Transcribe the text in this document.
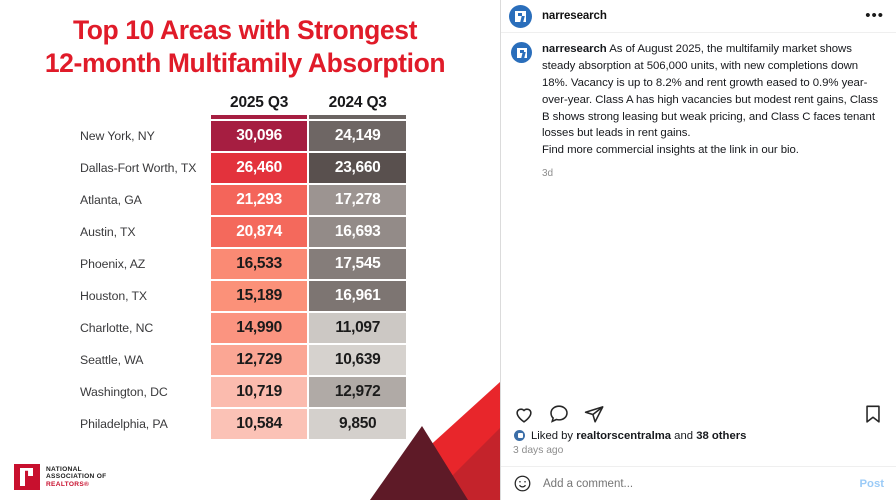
Top 10 Areas with Strongest
12-month Multifamily Absorption
	2025 Q3	2024 Q3
New York, NY	30,096	24,149
Dallas-Fort Worth, TX	26,460	23,660
Atlanta, GA	21,293	17,278
Austin, TX	20,874	16,693
Phoenix, AZ	16,533	17,545
Houston, TX	15,189	16,961
Charlotte, NC	14,990	11,097
Seattle, WA	12,729	10,639
Washington, DC	10,719	12,972
Philadelphia, PA	10,584	9,850
NATIONAL
ASSOCIATION OF
REALTORS®
narresearch	•••
narresearch As of August 2025, the multifamily market shows steady absorption at 506,000 units, with new completions down 18%. Vacancy is up to 8.2% and rent growth eased to 0.9% year-over-year. Class A has high vacancies but modest rent gains, Class B shows strong leasing but weak pricing, and Class C faces tenant losses but leads in rent gains.
Find more commercial insights at the link in our bio.
3d
Liked by realtorscentralma and 38 others
3 days ago
Add a comment...
Post
